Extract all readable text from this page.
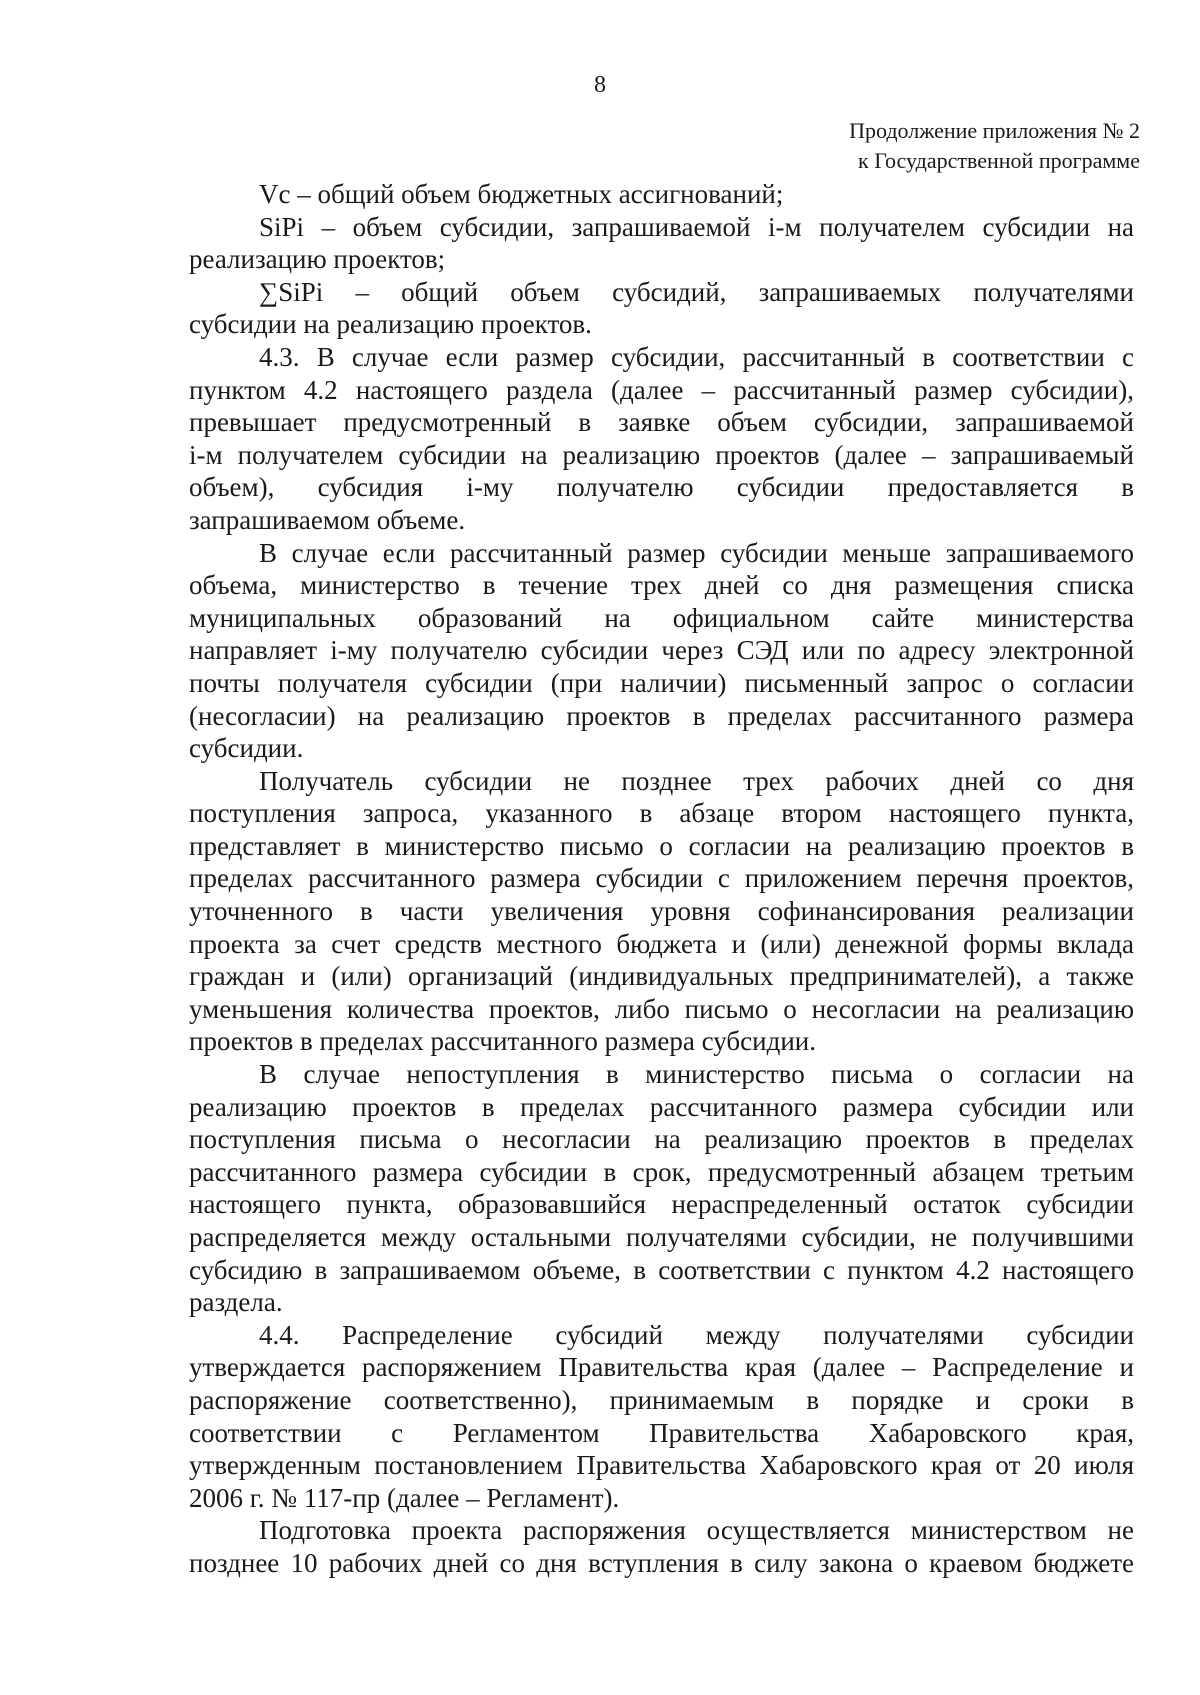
8
Продолжение приложения № 2
к Государственной программе
Vс – общий объем бюджетных ассигнований;
SiPi – объем субсидии, запрашиваемой i-м получателем субсидии на
реализацию проектов;
∑SiPi – общий объем субсидий, запрашиваемых получателями
субсидии на реализацию проектов.
4.3. В случае если размер субсидии, рассчитанный в соответствии с
пунктом 4.2 настоящего раздела (далее – рассчитанный размер субсидии),
превышает предусмотренный в заявке объем субсидии, запрашиваемой
i-м получателем субсидии на реализацию проектов (далее – запрашиваемый
объем), субсидия i-му получателю субсидии предоставляется в
запрашиваемом объеме.
В случае если рассчитанный размер субсидии меньше запрашиваемого
объема, министерство в течение трех дней со дня размещения списка
муниципальных образований на официальном сайте министерства
направляет i-му получателю субсидии через СЭД или по адресу электронной
почты получателя субсидии (при наличии) письменный запрос о согласии
(несогласии) на реализацию проектов в пределах рассчитанного размера
субсидии.
Получатель субсидии не позднее трех рабочих дней со дня
поступления запроса, указанного в абзаце втором настоящего пункта,
представляет в министерство письмо о согласии на реализацию проектов в
пределах рассчитанного размера субсидии с приложением перечня проектов,
уточненного в части увеличения уровня софинансирования реализации
проекта за счет средств местного бюджета и (или) денежной формы вклада
граждан и (или) организаций (индивидуальных предпринимателей), а также
уменьшения количества проектов, либо письмо о несогласии на реализацию
проектов в пределах рассчитанного размера субсидии.
В случае непоступления в министерство письма о согласии на
реализацию проектов в пределах рассчитанного размера субсидии или
поступления письма о несогласии на реализацию проектов в пределах
рассчитанного размера субсидии в срок, предусмотренный абзацем третьим
настоящего пункта, образовавшийся нераспределенный остаток субсидии
распределяется между остальными получателями субсидии, не получившими
субсидию в запрашиваемом объеме, в соответствии с пунктом 4.2 настоящего
раздела.
4.4. Распределение субсидий между получателями субсидии
утверждается распоряжением Правительства края (далее – Распределение и
распоряжение соответственно), принимаемым в порядке и сроки в
соответствии с Регламентом Правительства Хабаровского края,
утвержденным постановлением Правительства Хабаровского края от 20 июля
2006 г. № 117-пр (далее – Регламент).
Подготовка проекта распоряжения осуществляется министерством не
позднее 10 рабочих дней со дня вступления в силу закона о краевом бюджете
